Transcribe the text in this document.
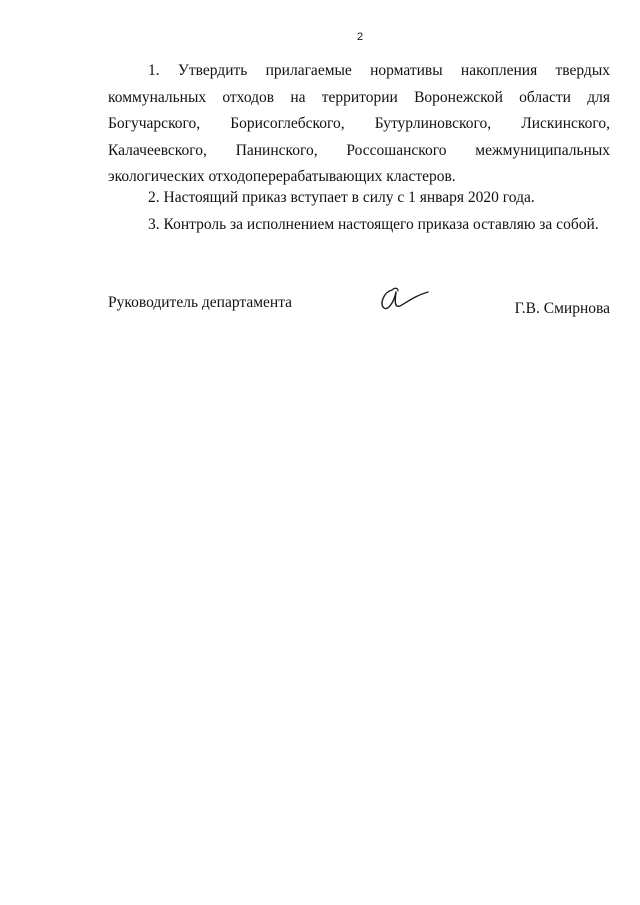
2
1. Утвердить прилагаемые нормативы накопления твердых
коммунальных отходов на территории Воронежской области для
Богучарского, Борисоглебского, Бутурлиновского, Лискинского,
Калачеевского, Панинского, Россошанского межмуниципальных
экологических отходоперерабатывающих кластеров.
2. Настоящий приказ вступает в силу с 1 января 2020 года.
3. Контроль за исполнением настоящего приказа оставляю за собой.
Руководитель департамента	Г.В. Смирнова
